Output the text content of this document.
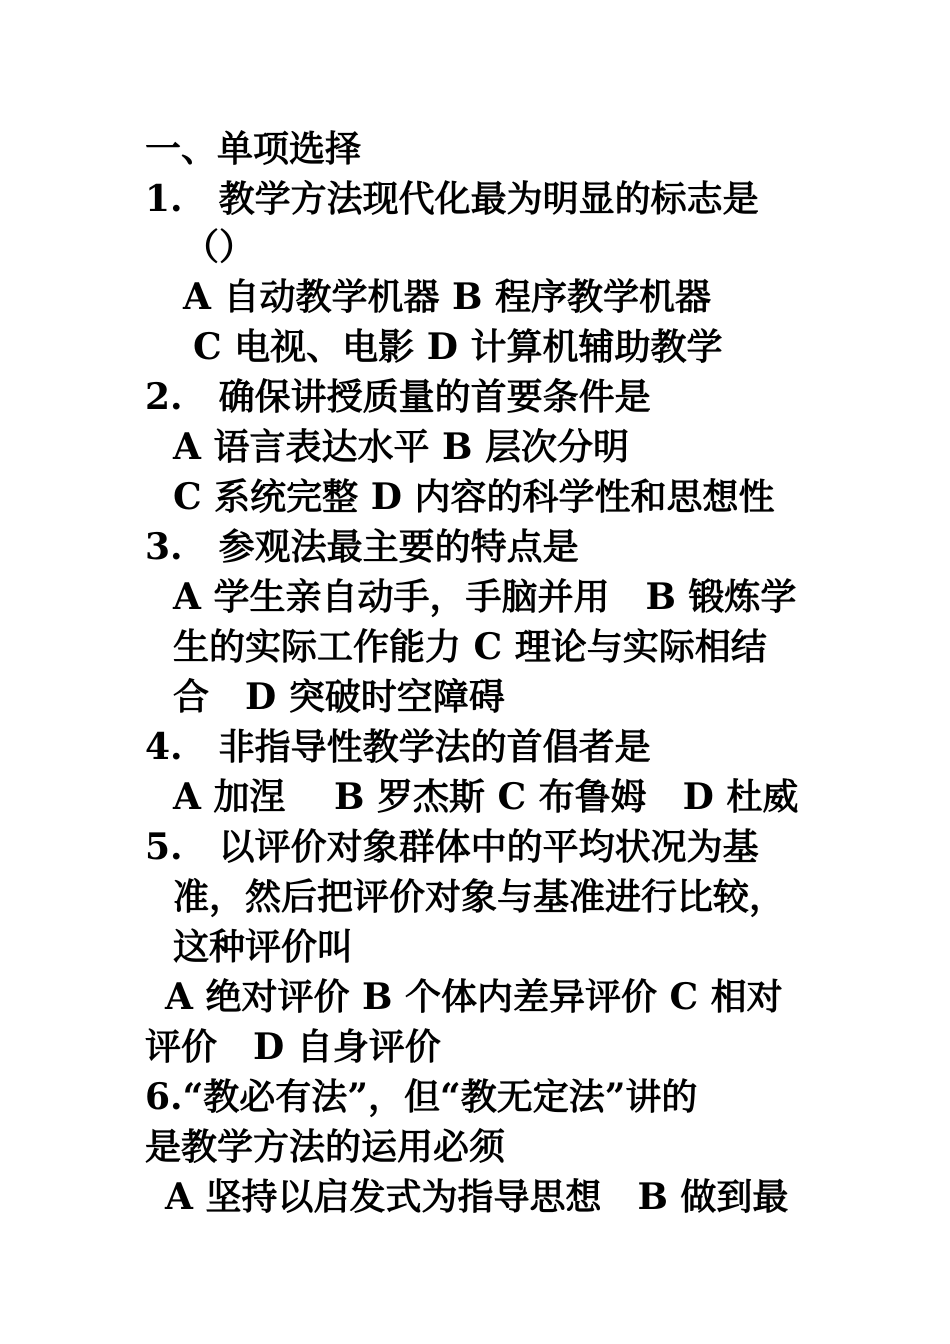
一、单项选择
1.　教学方法现代化最为明显的标志是
（）
A 自动教学机器 B 程序教学机器
C 电视、电影 D 计算机辅助教学
2.　确保讲授质量的首要条件是
A 语言表达水平 B 层次分明
C 系统完整 D 内容的科学性和思想性
3.　参观法最主要的特点是
A 学生亲自动手，手脑并用　B 锻炼学
生的实际工作能力 C 理论与实际相结
合　D 突破时空障碍
4.　非指导性教学法的首倡者是
A 加涅　 B 罗杰斯 C 布鲁姆　D 杜威
5.　以评价对象群体中的平均状况为基
准，然后把评价对象与基准进行比较，
这种评价叫
A 绝对评价 B 个体内差异评价 C 相对
评价　D 自身评价
6.“教必有法”，但“教无定法”讲的
是教学方法的运用必须
A 坚持以启发式为指导思想　B 做到最
